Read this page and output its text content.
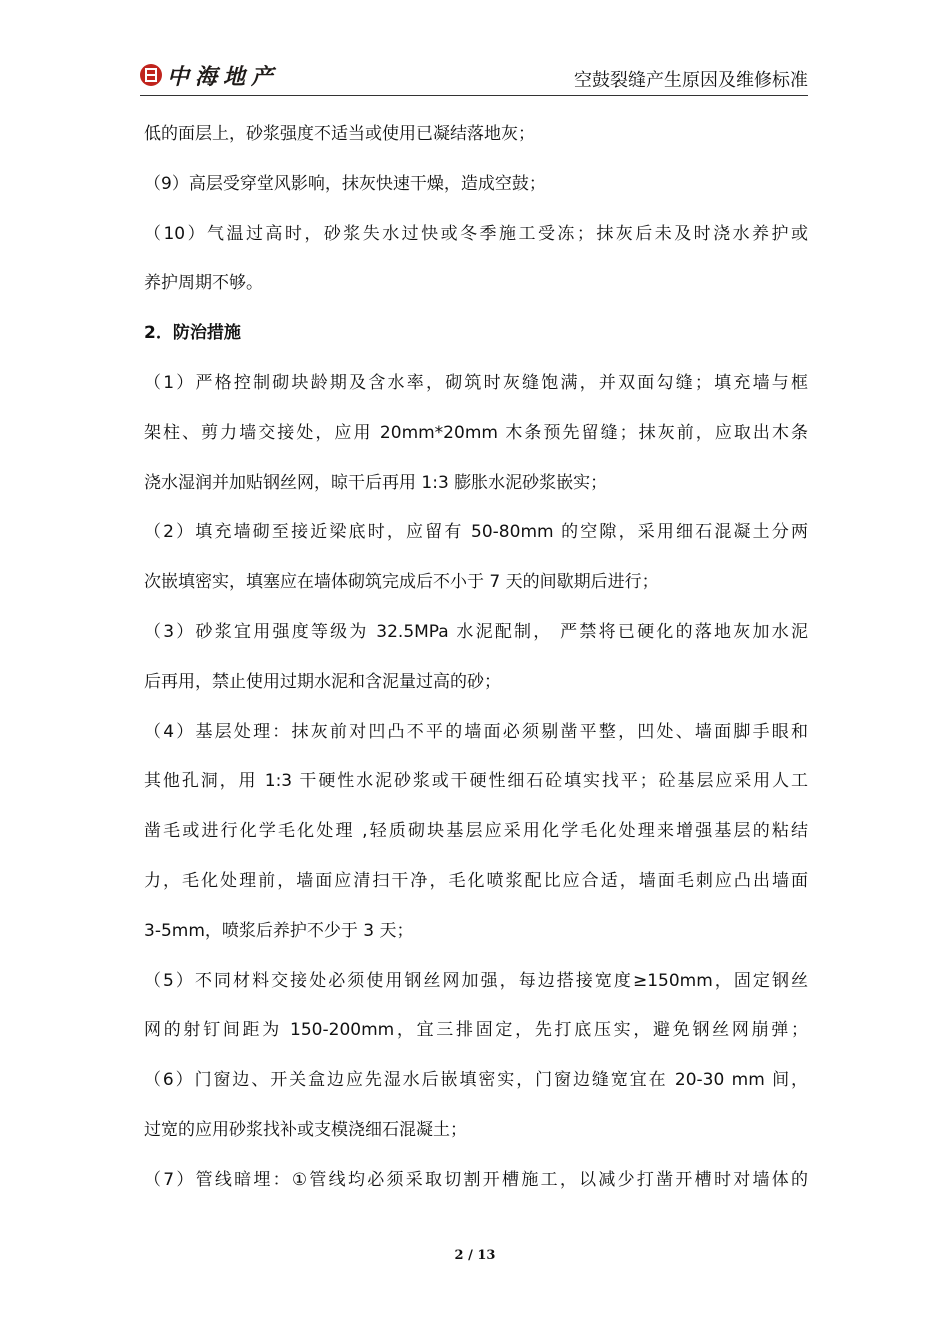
中海地产	空鼓裂缝产生原因及维修标准
低的面层上，砂浆强度不适当或使用已凝结落地灰；
（9）高层受穿堂风影响，抹灰快速干燥，造成空鼓；
（10）气温过高时，砂浆失水过快或冬季施工受冻；抹灰后未及时浇水养护或
养护周期不够。
2．防治措施
（1）严格控制砌块龄期及含水率，砌筑时灰缝饱满，并双面勾缝；填充墙与框
架柱、剪力墙交接处，应用 20mm*20mm 木条预先留缝；抹灰前，应取出木条
浇水湿润并加贴钢丝网，晾干后再用 1:3 膨胀水泥砂浆嵌实；
（2）填充墙砌至接近梁底时，应留有 50-80mm 的空隙，采用细石混凝土分两
次嵌填密实，填塞应在墙体砌筑完成后不小于 7 天的间歇期后进行；
（3）砂浆宜用强度等级为 32.5MPa 水泥配制， 严禁将已硬化的落地灰加水泥
后再用，禁止使用过期水泥和含泥量过高的砂；
（4）基层处理：抹灰前对凹凸不平的墙面必须剔凿平整，凹处、墙面脚手眼和
其他孔洞，用 1:3 干硬性水泥砂浆或干硬性细石砼填实找平；砼基层应采用人工
凿毛或进行化学毛化处理 ,轻质砌块基层应采用化学毛化处理来增强基层的粘结
力，毛化处理前，墙面应清扫干净，毛化喷浆配比应合适，墙面毛刺应凸出墙面
3-5mm，喷浆后养护不少于 3 天；
（5）不同材料交接处必须使用钢丝网加强，每边搭接宽度≥150mm，固定钢丝
网的射钉间距为 150-200mm，宜三排固定，先打底压实，避免钢丝网崩弹；
（6）门窗边、开关盒边应先湿水后嵌填密实，门窗边缝宽宜在 20-30 mm 间，
过宽的应用砂浆找补或支模浇细石混凝土；
（7）管线暗埋：①管线均必须采取切割开槽施工，以减少打凿开槽时对墙体的
2 / 13
